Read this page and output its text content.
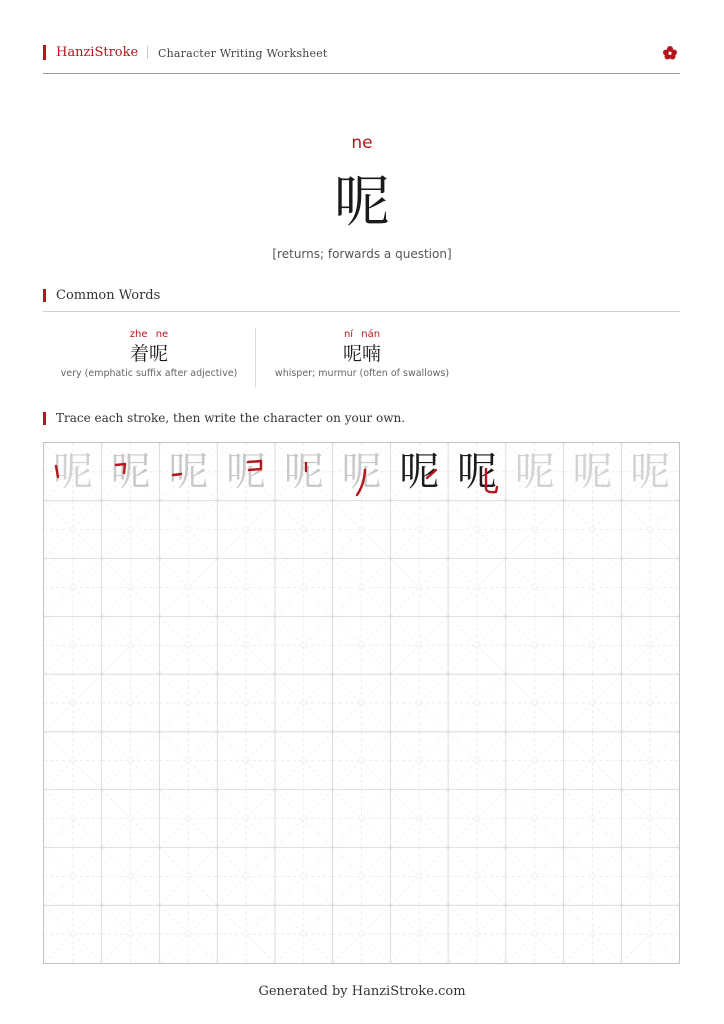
HanziStroke Character Writing Worksheet
ne
呢
[returns; forwards a question]
Common Words
zhe ne
着呢
very (emphatic suffix after adjective)
ní nán
呢喃
whisper; murmur (often of swallows)
Trace each stroke, then write the character on your own.
呢 呢 呢 呢 呢 呢 呢 呢 呢 呢 呢
Generated by HanziStroke.com
